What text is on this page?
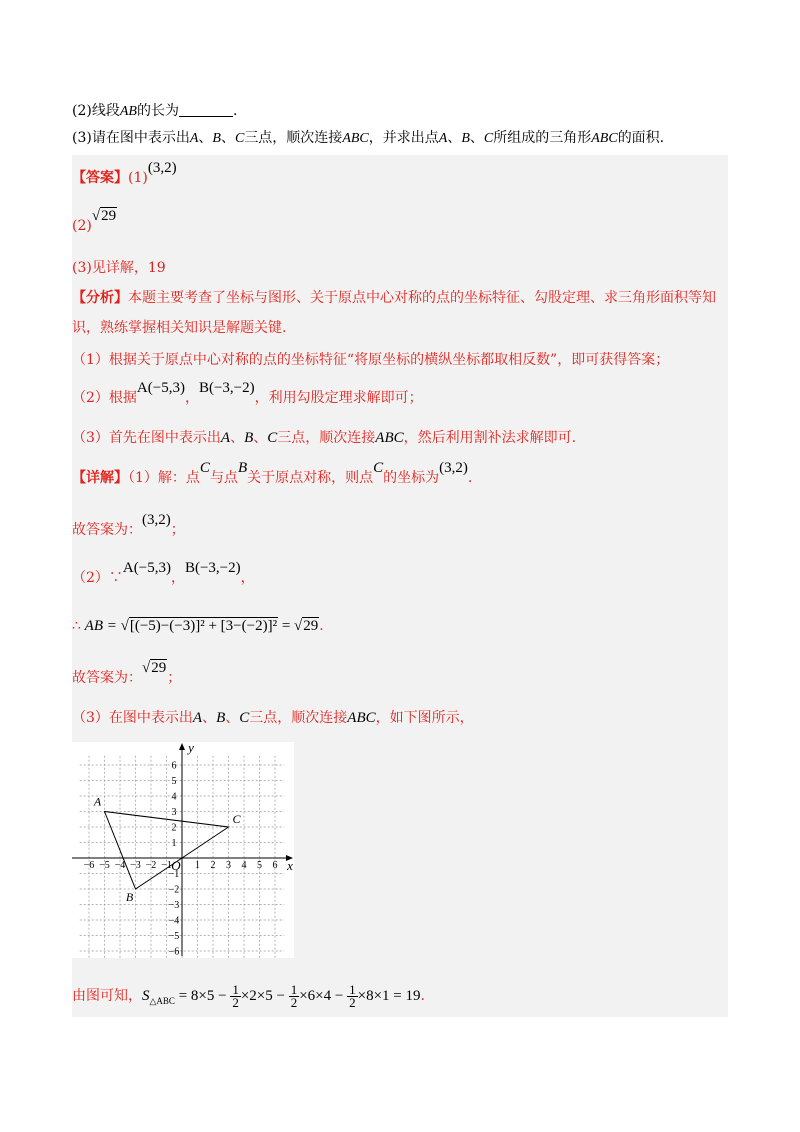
(2)线段AB的长为	.
(3)请在图中表示出A、B、C三点，顺次连接ABC，并求出点A、B、C所组成的三角形ABC的面积.
【答案】(1)(3,2)
(2)√29
(3)见详解，19
【分析】本题主要考查了坐标与图形、关于原点中心对称的点的坐标特征、勾股定理、求三角形面积等知
识，熟练掌握相关知识是解题关键.
（1）根据关于原点中心对称的点的坐标特征“将原坐标的横纵坐标都取相反数”，即可获得答案；
（2）根据A(−5,3)，B(−3,−2)，利用勾股定理求解即可；
（3）首先在图中表示出A、B、C三点，顺次连接ABC，然后利用割补法求解即可.
【详解】（1）解：点C与点B关于原点对称，则点C的坐标为(3,2).
故答案为：(3,2)；
（2）∵A(−5,3)，B(−3,−2)，
∴ AB = √[(−5)−(−3)]² + [3−(−2)]² = √29.
故答案为：√29；
（3）在图中表示出A、B、C三点，顺次连接ABC，如下图所示，
−6
−6
−5
−5
−4
−4
−3
−3
−2
−2
−1
−1
1
1
2
2
3
3
4
4
5
5
6
6
O	x
y
A
B
C
由图可知，$S_{\triangle ABC} = 8\times 5 - \frac{1}{2} \times 2\times 5 - \frac{1}{2} \times 6\times 4 - \frac{1}{2} \times 8\times 1 = 19$.
